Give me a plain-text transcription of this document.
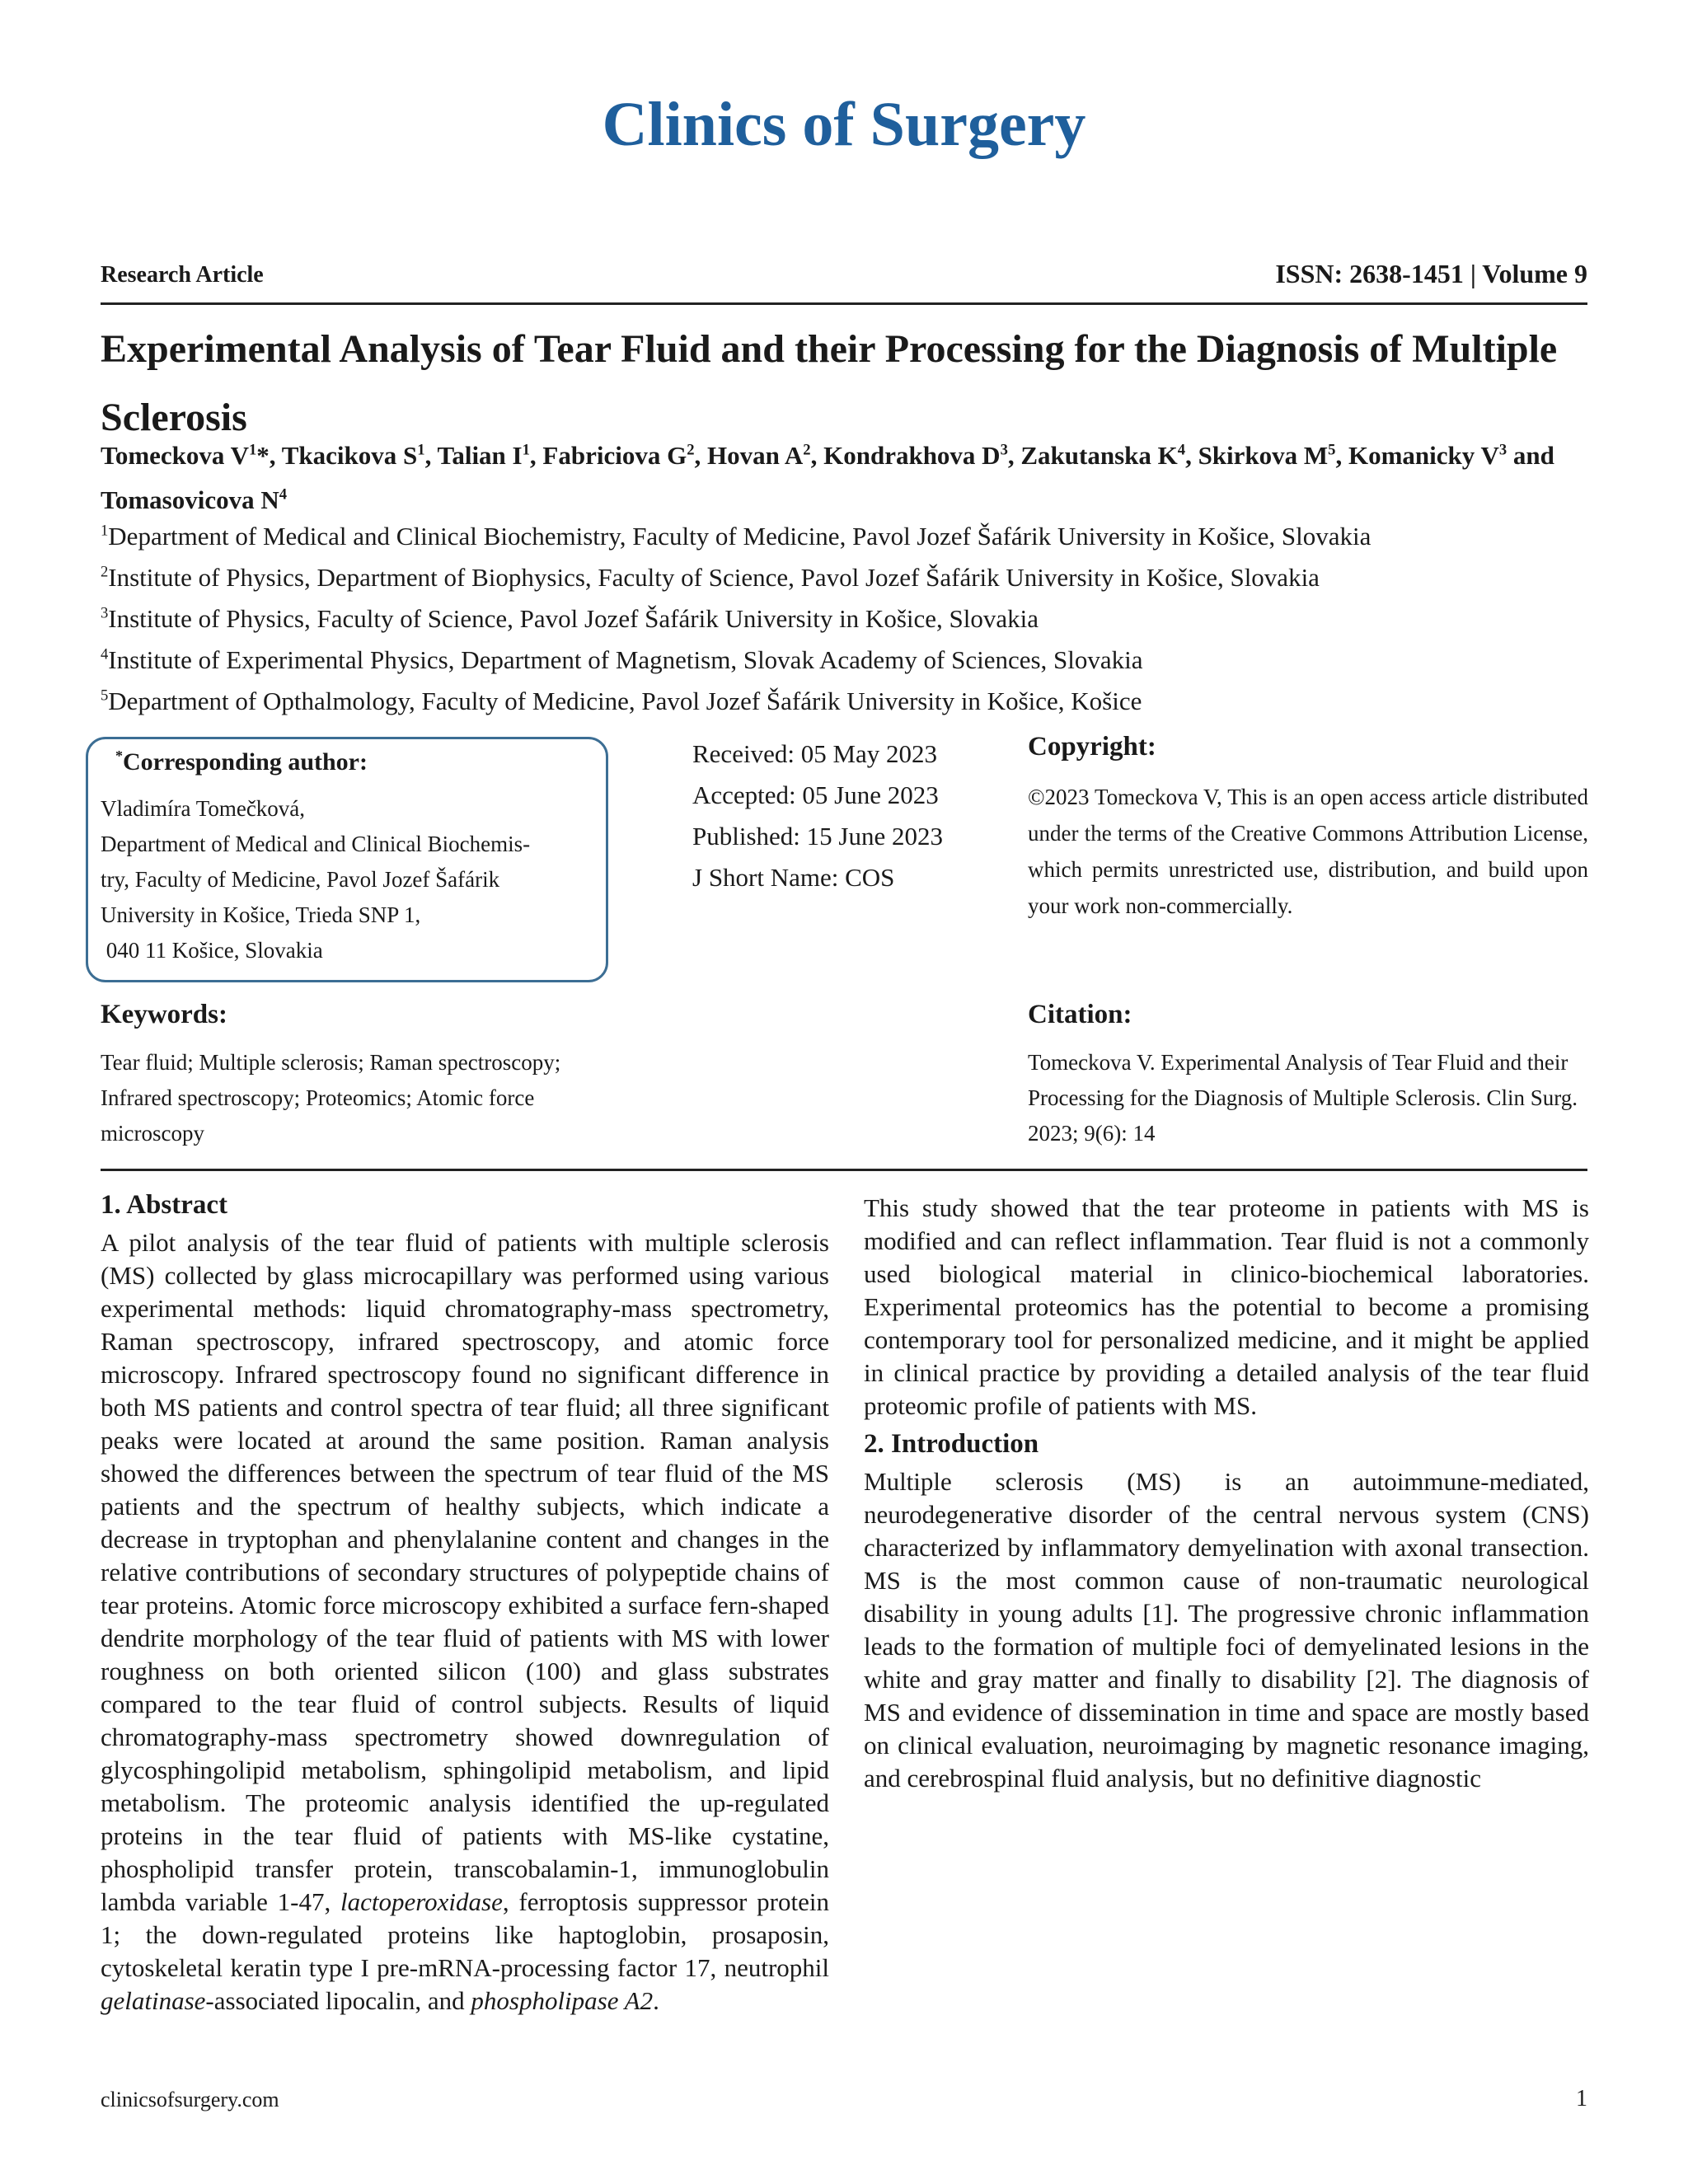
Clinics of Surgery
Research Article	ISSN: 2638-1451 | Volume 9
Experimental Analysis of Tear Fluid and their Processing for the Diagnosis of Multiple Sclerosis
Tomeckova $V^1*$, Tkacikova $S^1$, Talian $I^1$, Fabriciova $G^2$, Hovan $A^2$, Kondrakhova $D^3$, Zakutanska $K^4$, Skirkova $M^5$, Komanicky $V^3$ and  Tomasovicova $N^4$

$^1$Department of Medical and Clinical Biochemistry, Faculty of Medicine, Pavol Jozef Šafárik University in Košice, Slovakia

$^2$Institute of Physics, Department of Biophysics, Faculty of Science, Pavol Jozef Šafárik University in Košice, Slovakia

$^3$Institute of Physics, Faculty of Science, Pavol Jozef Šafárik University in Košice, Slovakia

$^4$Institute of Experimental Physics, Department of Magnetism, Slovak Academy of Sciences, Slovakia

$^5$Department of Opthalmology, Faculty of Medicine, Pavol Jozef Šafárik University in Košice, Košice

*Corresponding author:

Vladimíra Tomečková,

Department of Medical and Clinical Biochemis-

try, Faculty of Medicine, Pavol Jozef Šafárik

University in Košice, Trieda SNP 1,

040 11 Košice, Slovakia

Received: 05 May 2023

Accepted: 05 June 2023

Published: 15 June 2023

J Short Name: COS

Copyright:
©2023 Tomeckova V, This is an open access article distributed under the terms of the Creative Commons Attribution License, which permits unrestricted use, distribution, and build upon your work non-commercially.
Keywords:
Tear fluid; Multiple sclerosis; Raman spectroscopy; Infrared spectroscopy; Proteomics; Atomic force microscopy
Citation:
Tomeckova V. Experimental Analysis of Tear Fluid and their Processing for the Diagnosis of Multiple Sclerosis. Clin Surg. 2023; 9(6): 14
1. Abstract

A pilot analysis of the tear fluid of patients with multiple sclerosis (MS) collected by glass microcapillary was performed using various experimental methods: liquid chromatography-mass spectrometry, Raman spectroscopy, infrared spectroscopy, and atomic force microscopy. Infrared spectroscopy found no significant difference in both MS patients and control spectra of tear fluid; all three significant peaks were located at around the same position. Raman analysis showed the differences between the spectrum of tear fluid of the MS patients and the spectrum of healthy subjects, which indicate a decrease in tryptophan and phenylalanine content and changes in the relative contributions of secondary structures of polypeptide chains of tear proteins. Atomic force microscopy exhibited a surface fern-shaped dendrite morphology of the tear fluid of patients with MS with lower roughness on both oriented silicon (100) and glass substrates compared to the tear fluid of control subjects. Results of liquid chromatography-mass spectrometry showed downregulation of glycosphingolipid metabolism, sphingolipid metabolism, and lipid metabolism. The proteomic analysis identified the up-regulated proteins in the tear fluid of patients with MS-like cystatine, phospholipid transfer protein, transcobalamin-1, immunoglobulin lambda variable 1-47, lactoperoxidase, ferroptosis suppressor protein 1; the down-regulated proteins like haptoglobin, prosaposin, cytoskeletal keratin type I pre-mRNA-processing factor 17, neutrophil gelatinase-associated lipocalin, and phospholipase A2.

This study showed that the tear proteome in patients with MS is modified and can reflect inflammation. Tear fluid is not a commonly used biological material in clinico-biochemical laboratories. Experimental proteomics has the potential to become a promising contemporary tool for personalized medicine, and it might be applied in clinical practice by providing a detailed analysis of the tear fluid proteomic profile of patients with MS.

2. Introduction

Multiple sclerosis (MS) is an autoimmune-mediated, neurodegenerative disorder of the central nervous system (CNS) characterized by inflammatory demyelination with axonal transection. MS is the most common cause of non-traumatic neurological disability in young adults [1]. The progressive chronic inflammation leads to the formation of multiple foci of demyelinated lesions in the white and gray matter and finally to disability [2]. The diagnosis of MS and evidence of dissemination in time and space are mostly based on clinical evaluation, neuroimaging by magnetic resonance imaging, and cerebrospinal fluid analysis, but no definitive diagnostic

clinicsofsurgery.com	1
